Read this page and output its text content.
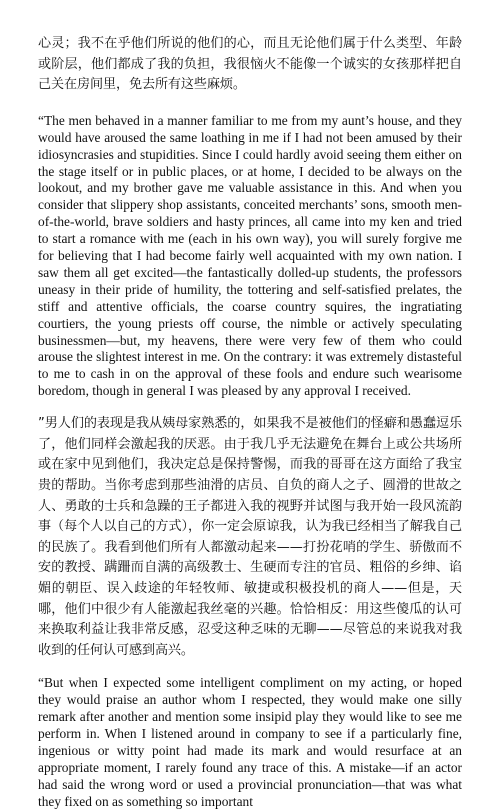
心灵；我不在乎他们所说的他们的心，而且无论他们属于什么类型、年龄或阶层，他们都成了我的负担，我很恼火不能像一个诚实的女孩那样把自己关在房间里，免去所有这些麻烦。

“The men behaved in a manner familiar to me from my aunt’s house, and they would have aroused the same loathing in me if I had not been amused by their idiosyncrasies and stupidities. Since I could hardly avoid seeing them either on the stage itself or in public places, or at home, I decided to be always on the lookout, and my brother gave me valuable assistance in this. And when you consider that slippery shop assistants, conceited merchants’ sons, smooth men-of-the-world, brave soldiers and hasty princes, all came into my ken and tried to start a romance with me (each in his own way), you will surely forgive me for believing that I had become fairly well acquainted with my own nation. I saw them all get excited—the fantastically dolled-up students, the professors uneasy in their pride of humility, the tottering and self-satisfied prelates, the stiff and attentive officials, the coarse country squires, the ingratiating courtiers, the young priests off course, the nimble or actively speculating businessmen—but, my heavens, there were very few of them who could arouse the slightest interest in me. On the contrary: it was extremely distasteful to me to cash in on the approval of these fools and endure such wearisome boredom, though in general I was pleased by any approval I received.

”男人们的表现是我从姨母家熟悉的，如果我不是被他们的怪癖和愚蠢逗乐了，他们同样会激起我的厌恶。由于我几乎无法避免在舞台上或公共场所或在家中见到他们，我决定总是保持警惕，而我的哥哥在这方面给了我宝贵的帮助。当你考虑到那些油滑的店员、自负的商人之子、圆滑的世故之人、勇敢的士兵和急躁的王子都进入我的视野并试图与我开始一段风流韵事（每个人以自己的方式），你一定会原谅我，认为我已经相当了解我自己的民族了。我看到他们所有人都激动起来——打扮花哨的学生、骄傲而不安的教授、蹒跚而自满的高级教士、生硬而专注的官员、粗俗的乡绅、谄媚的朝臣、误入歧途的年轻牧师、敏捷或积极投机的商人——但是，天哪，他们中很少有人能激起我丝毫的兴趣。恰恰相反：用这些傻瓜的认可来换取利益让我非常反感，忍受这种乏味的无聊——尽管总的来说我对我收到的任何认可感到高兴。

“But when I expected some intelligent compliment on my acting, or hoped they would praise an author whom I respected, they would make one silly remark after another and mention some insipid play they would like to see me perform in. When I listened around in company to see if a particularly fine, ingenious or witty point had made its mark and would resurface at an appropriate moment, I rarely found any trace of this. A mistake—if an actor had said the wrong word or used a provincial pronunciation—that was what they fixed on as something so important
